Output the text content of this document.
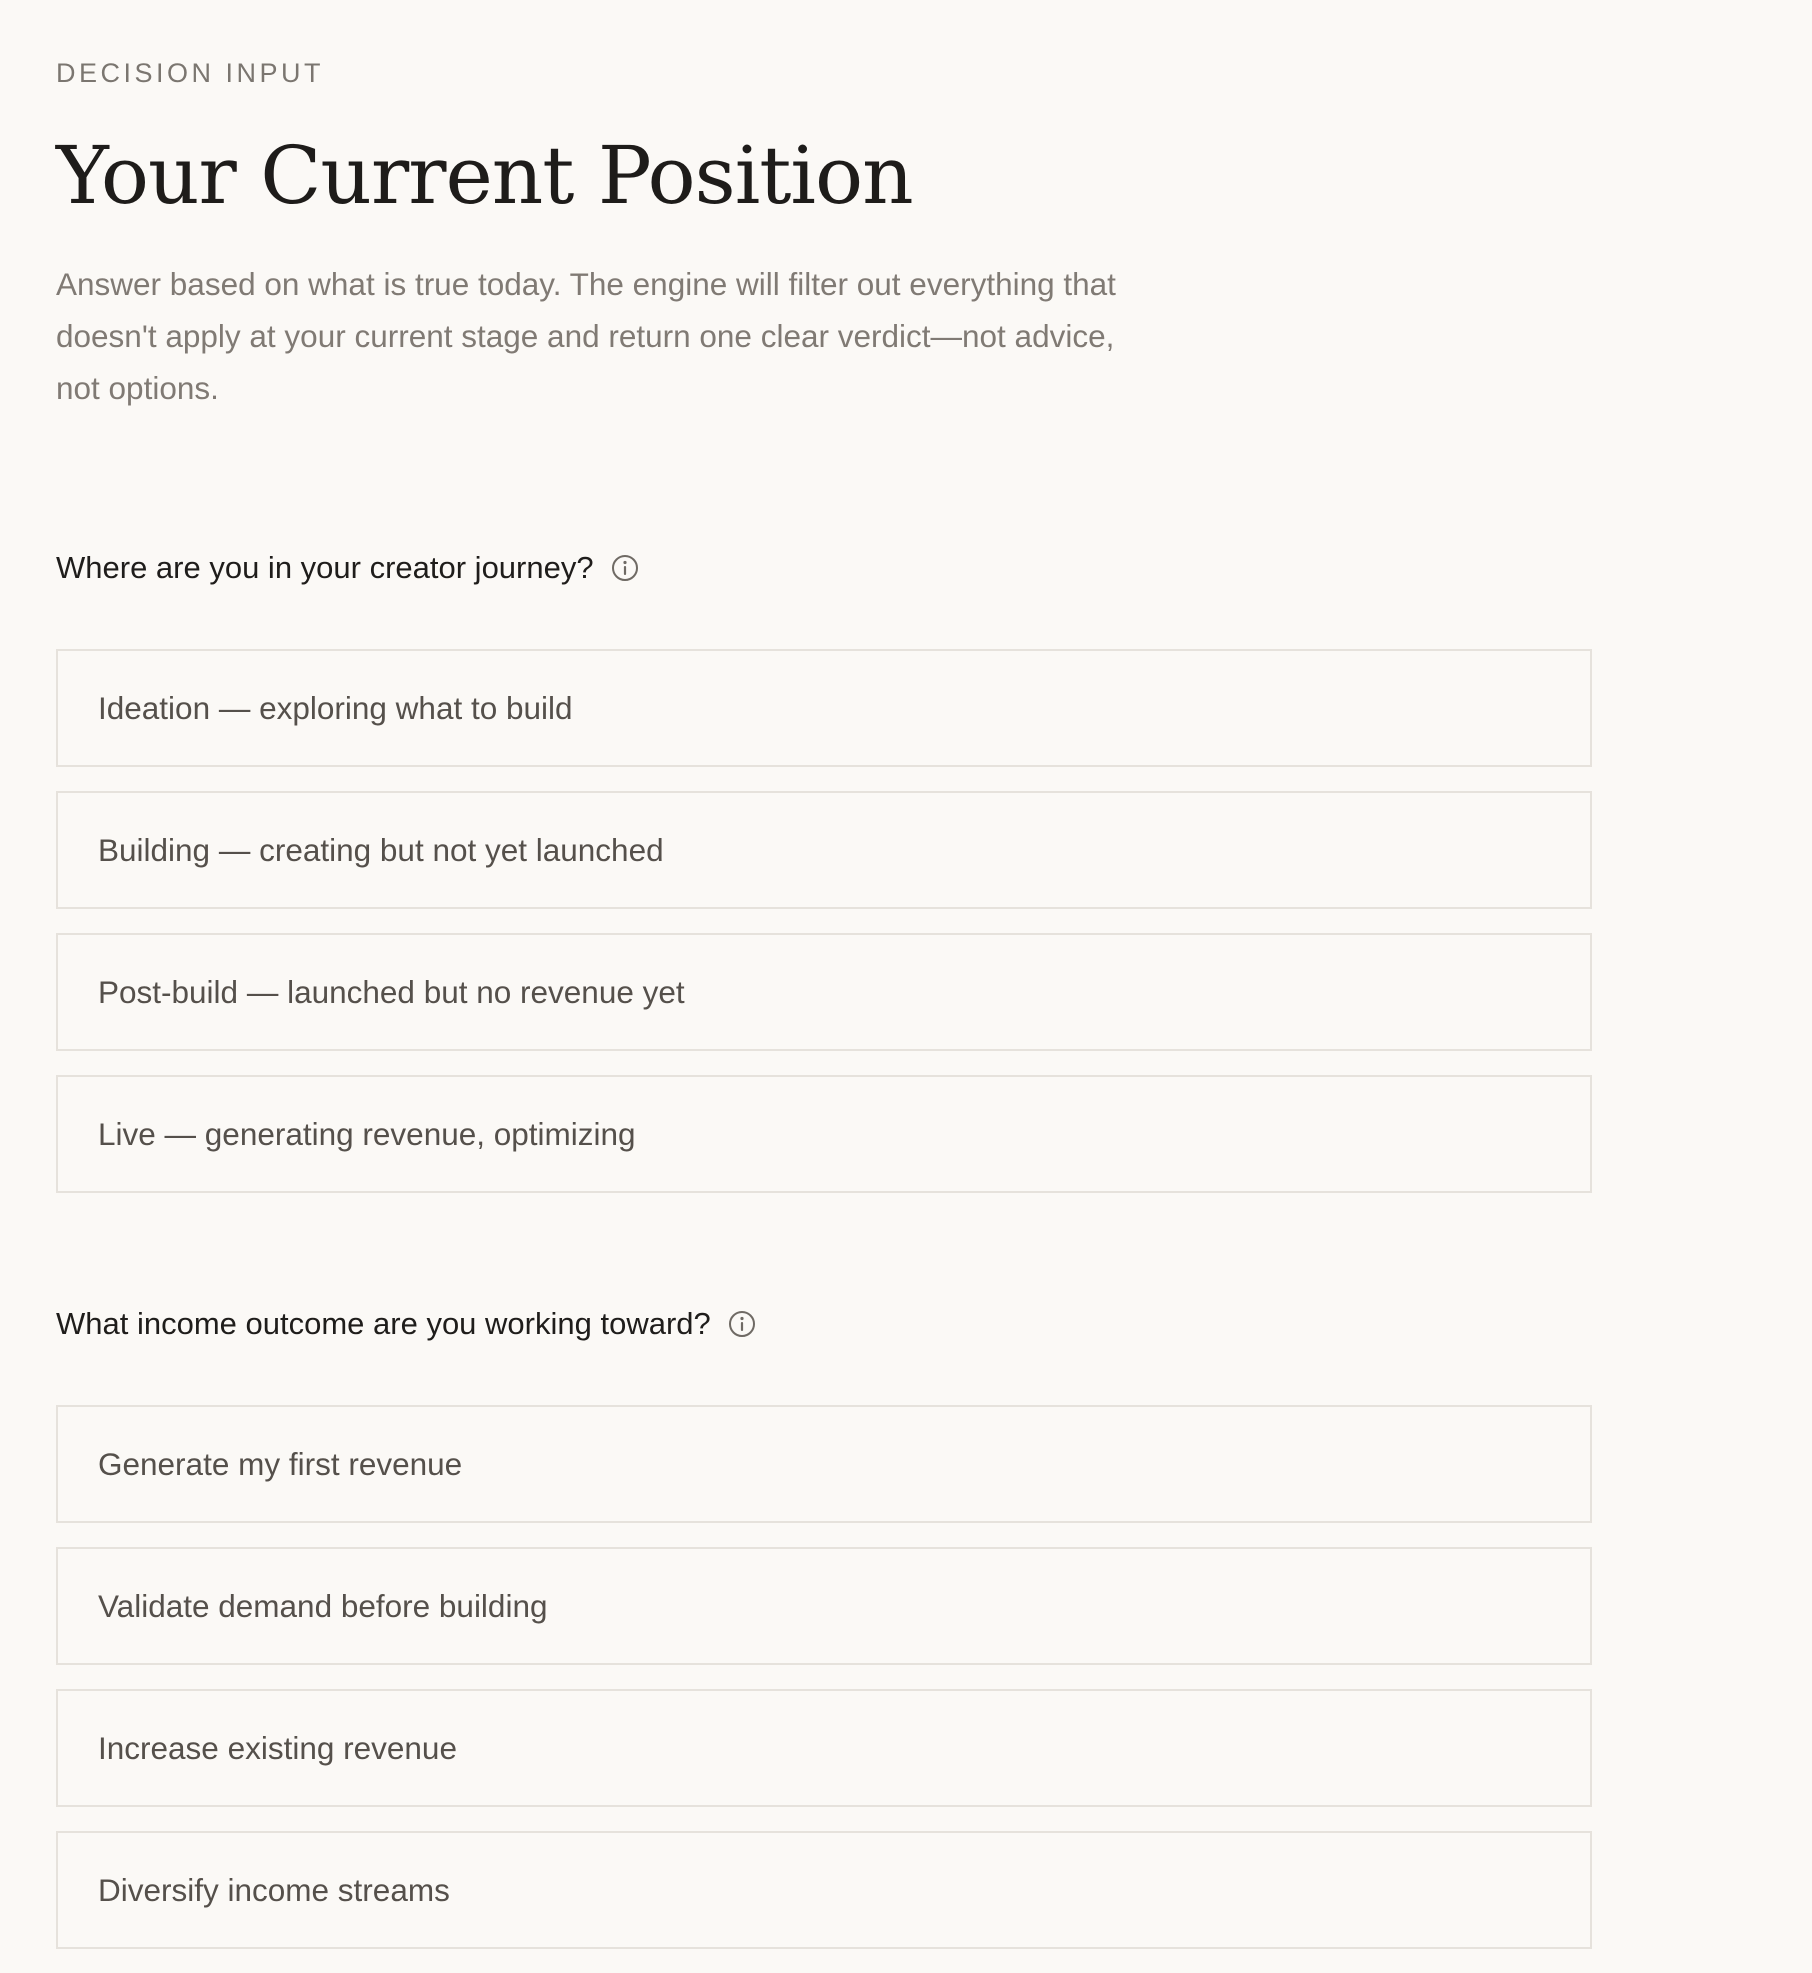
DECISION INPUT
Your Current Position

Answer based on what is true today. The engine will filter out everything that doesn't apply at your current stage and return one clear verdict—not advice, not options.

Where are you in your creator journey?
Ideation — exploring what to build
Building — creating but not yet launched
Post-build — launched but no revenue yet
Live — generating revenue, optimizing
What income outcome are you working toward?
Generate my first revenue
Validate demand before building
Increase existing revenue
Diversify income streams
